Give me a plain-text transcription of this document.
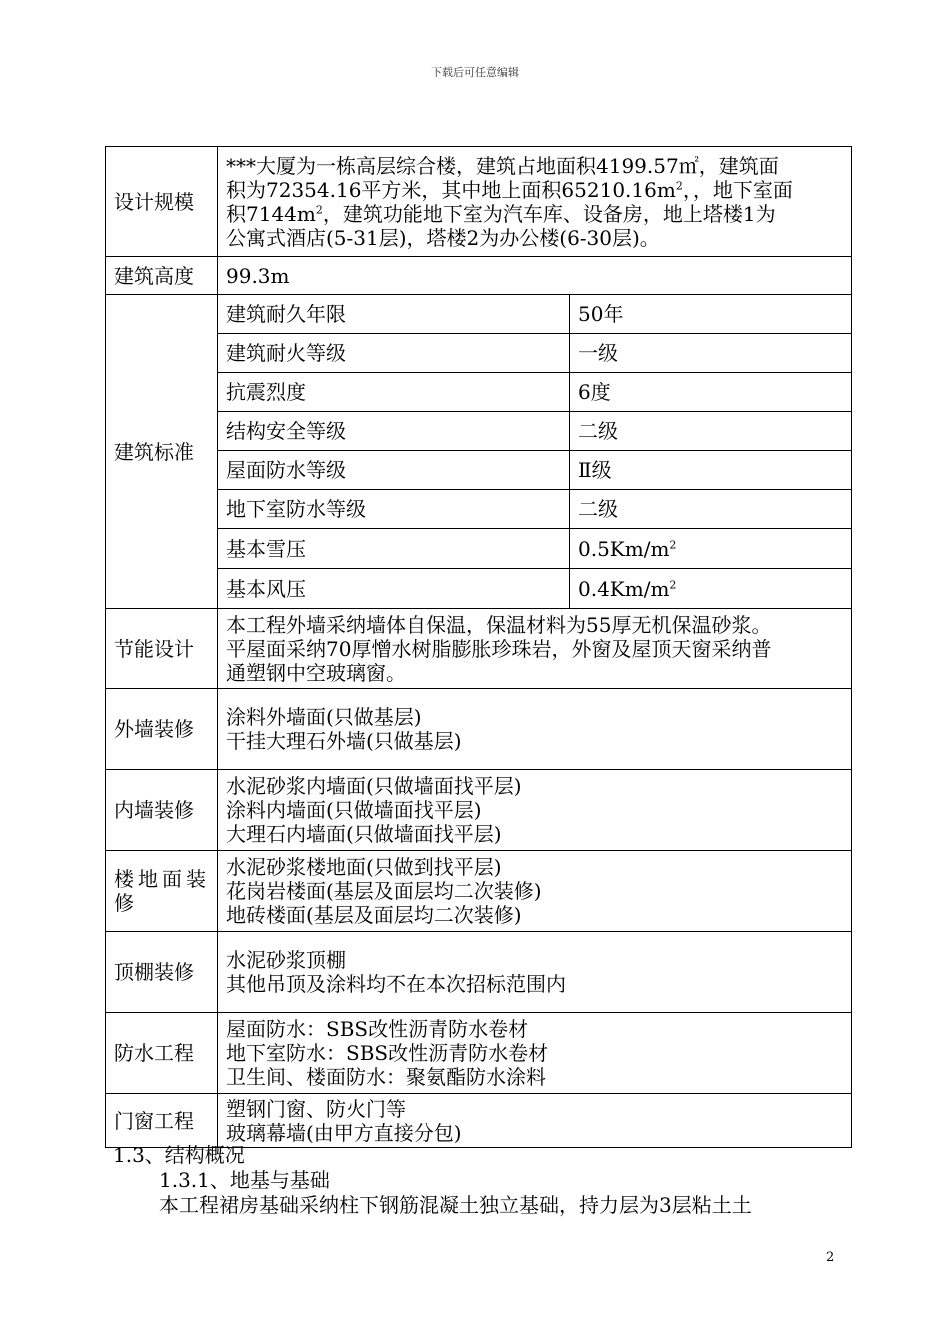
下载后可任意编辑
设计规模	***大厦为一栋高层综合楼，建筑占地面积4199.57㎡，建筑面
积为72354.16平方米，其中地上面积$65210.16m^2$，，地下室面
积$7144m^2$，建筑功能地下室为汽车库、设备房，地上塔楼1为
公寓式酒店(5-31层)，塔楼2为办公楼(6-30层)。	

建筑高度	99.3m	
建筑标准	建筑耐久年限	50年
	建筑耐火等级	一级
	抗震烈度	6度
	结构安全等级	二级
	屋面防水等级	Ⅱ级
	地下室防水等级	二级
	基本雪压	$0.5Km/m^2$
	基本风压	$0.4Km/m^2$
节能设计	本工程外墙采纳墙体自保温，保温材料为55厚无机保温砂浆。
平屋面采纳70厚憎水树脂膨胀珍珠岩，外窗及屋顶天窗采纳普
通塑钢中空玻璃窗。	

外墙装修	涂料外墙面(只做基层)
干挂大理石外墙(只做基层)	

内墙装修	水泥砂浆内墙面(只做墙面找平层)
涂料内墙面(只做墙面找平层)
大理石内墙面(只做墙面找平层)	

楼地面装
修	水泥砂浆楼地面(只做到找平层)
花岗岩楼面(基层及面层均二次装修)
地砖楼面(基层及面层均二次装修)	

顶棚装修	水泥砂浆顶棚
其他吊顶及涂料均不在本次招标范围内	

防水工程	屋面防水：SBS改性沥青防水卷材
地下室防水：SBS改性沥青防水卷材
卫生间、楼面防水：聚氨酯防水涂料	

门窗工程	塑钢门窗、防火门等
玻璃幕墙(由甲方直接分包)	
1.3、结构概况
1.3.1、地基与基础
本工程裙房基础采纳柱下钢筋混凝土独立基础，持力层为3层粘土土
2
